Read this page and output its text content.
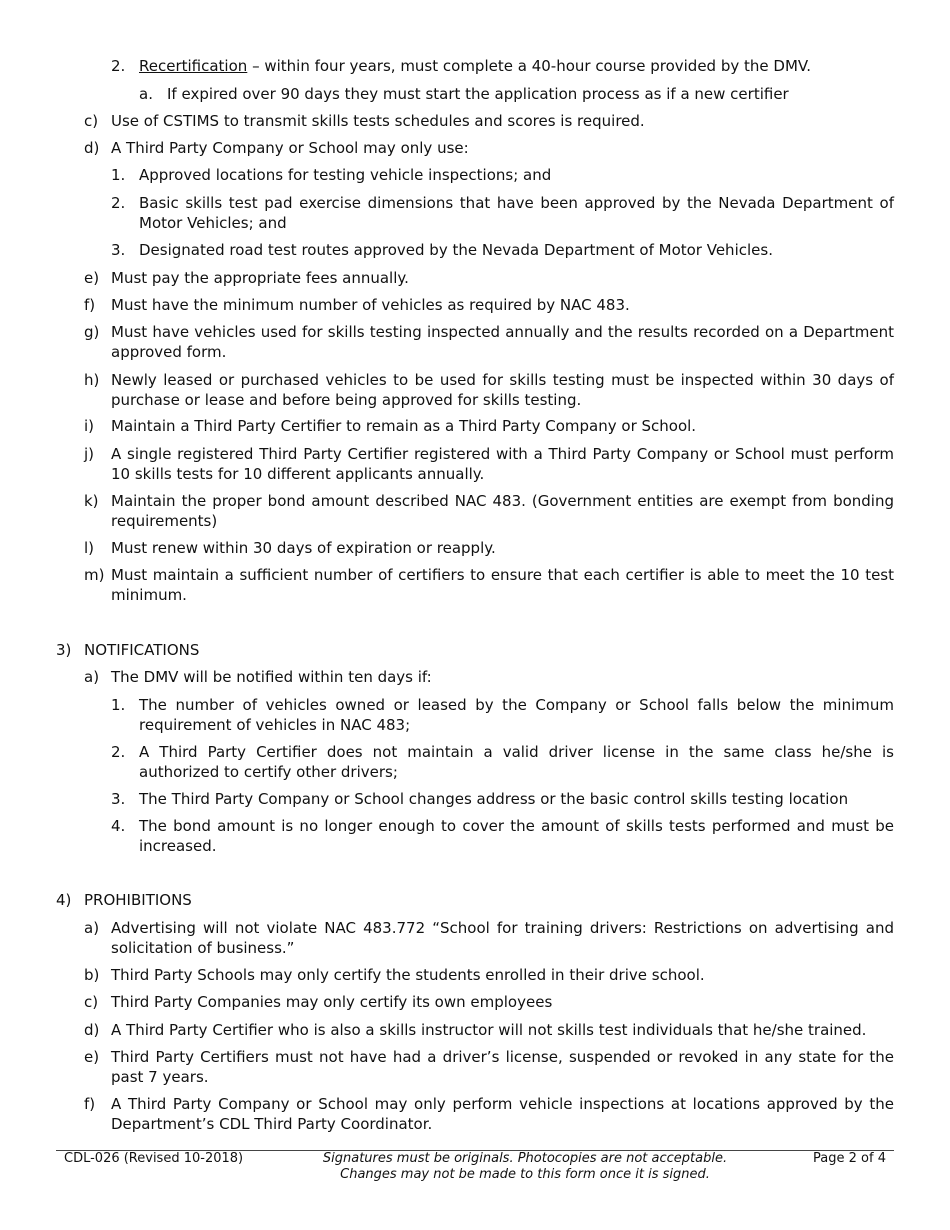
2. Recertification – within four years, must complete a 40-hour course provided by the DMV.
a. If expired over 90 days they must start the application process as if a new certifier
c) Use of CSTIMS to transmit skills tests schedules and scores is required.
d) A Third Party Company or School may only use:
1. Approved locations for testing vehicle inspections; and
2. Basic skills test pad exercise dimensions that have been approved by the Nevada Department of Motor Vehicles; and
3. Designated road test routes approved by the Nevada Department of Motor Vehicles.
e) Must pay the appropriate fees annually.
f) Must have the minimum number of vehicles as required by NAC 483.
g) Must have vehicles used for skills testing inspected annually and the results recorded on a Department approved form.
h) Newly leased or purchased vehicles to be used for skills testing must be inspected within 30 days of purchase or lease and before being approved for skills testing.
i) Maintain a Third Party Certifier to remain as a Third Party Company or School.
j) A single registered Third Party Certifier registered with a Third Party Company or School must perform 10 skills tests for 10 different applicants annually.
k) Maintain the proper bond amount described NAC 483. (Government entities are exempt from bonding requirements)
l) Must renew within 30 days of expiration or reapply.
m) Must maintain a sufficient number of certifiers to ensure that each certifier is able to meet the 10 test minimum.
3) NOTIFICATIONS
a) The DMV will be notified within ten days if:
1. The number of vehicles owned or leased by the Company or School falls below the minimum requirement of vehicles in NAC 483;
2. A Third Party Certifier does not maintain a valid driver license in the same class he/she is authorized to certify other drivers;
3. The Third Party Company or School changes address or the basic control skills testing location
4. The bond amount is no longer enough to cover the amount of skills tests performed and must be increased.
4) PROHIBITIONS
a) Advertising will not violate NAC 483.772 “School for training drivers: Restrictions on advertising and solicitation of business.”
b) Third Party Schools may only certify the students enrolled in their drive school.
c) Third Party Companies may only certify its own employees
d) A Third Party Certifier who is also a skills instructor will not skills test individuals that he/she trained.
e) Third Party Certifiers must not have had a driver’s license, suspended or revoked in any state for the past 7 years.
f) A Third Party Company or School may only perform vehicle inspections at locations approved by the Department’s CDL Third Party Coordinator.
CDL-026 (Revised 10-2018)	Signatures must be originals. Photocopies are not acceptable.
Changes may not be made to this form once it is signed.
Page 2 of 4
